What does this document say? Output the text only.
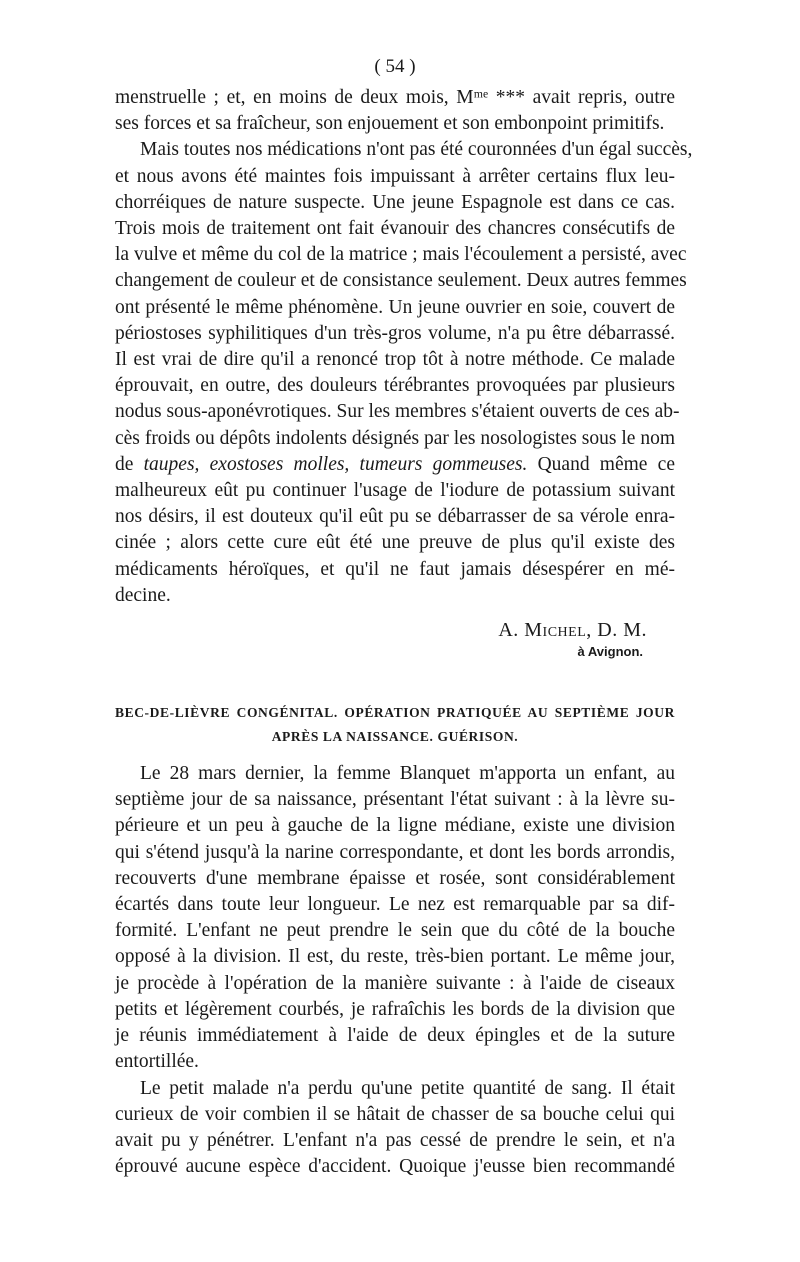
( 54 )

menstruelle ; et, en moins de deux mois, Mᵐᵉ *** avait repris, outre

ses forces et sa fraîcheur, son enjouement et son embonpoint primitifs.

Mais toutes nos médications n'ont pas été couronnées d'un égal succès,

et nous avons été maintes fois impuissant à arrêter certains flux leu-

chorréiques de nature suspecte. Une jeune Espagnole est dans ce cas.

Trois mois de traitement ont fait évanouir des chancres consécutifs de

la vulve et même du col de la matrice ; mais l'écoulement a persisté, avec

changement de couleur et de consistance seulement. Deux autres femmes

ont présenté le même phénomène. Un jeune ouvrier en soie, couvert de

périostoses syphilitiques d'un très-gros volume, n'a pu être débarrassé.

Il est vrai de dire qu'il a renoncé trop tôt à notre méthode. Ce malade

éprouvait, en outre, des douleurs térébrantes provoquées par plusieurs

nodus sous-aponévrotiques. Sur les membres s'étaient ouverts de ces ab-

cès froids ou dépôts indolents désignés par les nosologistes sous le nom

de taupes, exostoses molles, tumeurs gommeuses. Quand même ce

malheureux eût pu continuer l'usage de l'iodure de potassium suivant

nos désirs, il est douteux qu'il eût pu se débarrasser de sa vérole enra-

cinée ; alors cette cure eût été une preuve de plus qu'il existe des

médicaments héroïques, et qu'il ne faut jamais désespérer en mé-

decine.

A. Michel, D. M.
à Avignon.
BEC-DE-LIÈVRE CONGÉNITAL. OPÉRATION PRATIQUÉE AU SEPTIÈME JOUR
APRÈS LA NAISSANCE. GUÉRISON.

Le 28 mars dernier, la femme Blanquet m'apporta un enfant, au

septième jour de sa naissance, présentant l'état suivant : à la lèvre su-

périeure et un peu à gauche de la ligne médiane, existe une division

qui s'étend jusqu'à la narine correspondante, et dont les bords arrondis,

recouverts d'une membrane épaisse et rosée, sont considérablement

écartés dans toute leur longueur. Le nez est remarquable par sa dif-

formité. L'enfant ne peut prendre le sein que du côté de la bouche

opposé à la division. Il est, du reste, très-bien portant. Le même jour,

je procède à l'opération de la manière suivante : à l'aide de ciseaux

petits et légèrement courbés, je rafraîchis les bords de la division que

je réunis immédiatement à l'aide de deux épingles et de la suture

entortillée.

Le petit malade n'a perdu qu'une petite quantité de sang. Il était

curieux de voir combien il se hâtait de chasser de sa bouche celui qui

avait pu y pénétrer. L'enfant n'a pas cessé de prendre le sein, et n'a

éprouvé aucune espèce d'accident. Quoique j'eusse bien recommandé
